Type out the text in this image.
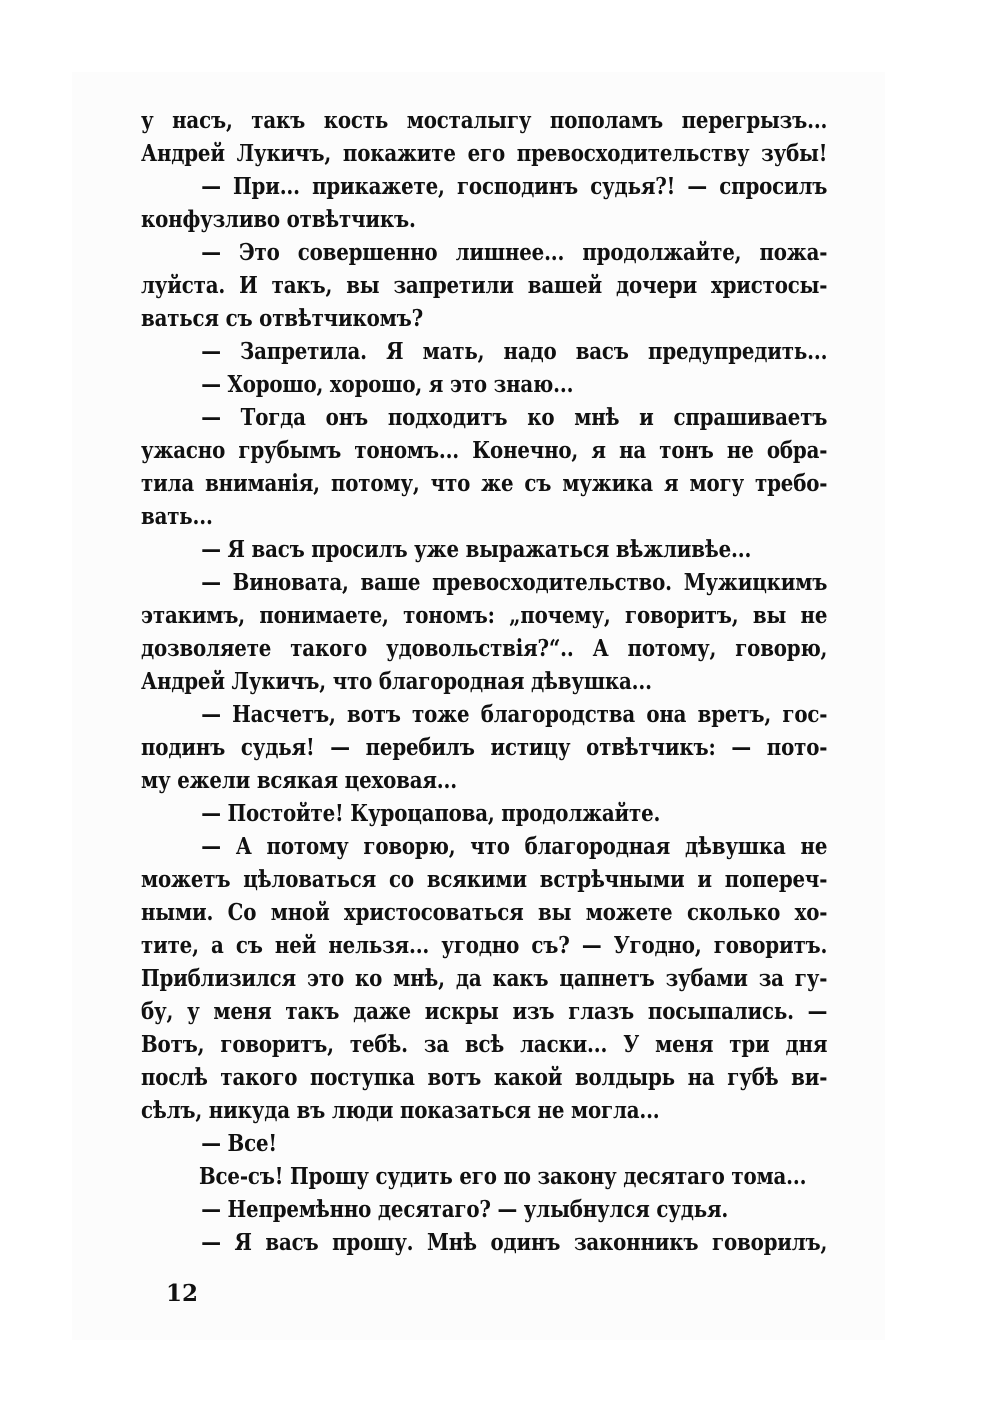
у насъ, такъ кость мосталыгу пополамъ перегрызъ...
Андрей Лукичъ, покажите его превосходительству зубы!
— При... прикажете, господинъ судья?! — спросилъ
конфузливо отвѣтчикъ.
— Это совершенно лишнее... продолжайте, пожа-
луйста. И такъ, вы запретили вашей дочери христосы-
ваться съ отвѣтчикомъ?
— Запретила. Я мать, надо васъ предупредить...
— Хорошо, хорошо, я это знаю...
— Тогда онъ подходитъ ко мнѣ и спрашиваетъ
ужасно грубымъ тономъ... Конечно, я на тонъ не обра-
тила вниманія, потому, что же съ мужика я могу требо-
вать...
— Я васъ просилъ уже выражаться вѣжливѣе...
— Виновата, ваше превосходительство. Мужицкимъ
этакимъ, понимаете, тономъ: „почему, говоритъ, вы не
дозволяете такого удовольствія?“.. А потому, говорю,
Андрей Лукичъ, что благородная дѣвушка...
— Насчетъ, вотъ тоже благородства она вретъ, гос-
подинъ судья! — перебилъ истицу отвѣтчикъ: — пото-
му ежели всякая цеховая...
— Постойте! Куроцапова, продолжайте.
— А потому говорю, что благородная дѣвушка не
можетъ цѣловаться со всякими встрѣчными и попереч-
ными. Со мной христосоваться вы можете сколько хо-
тите, а съ ней нельзя... угодно съ? — Угодно, говоритъ.
Приблизился это ко мнѣ, да какъ цапнетъ зубами за гу-
бу, у меня такъ даже искры изъ глазъ посыпались. —
Вотъ, говоритъ, тебѣ. за всѣ ласки... У меня три дня
послѣ такого поступка вотъ какой волдырь на губѣ ви-
сѣлъ, никуда въ люди показаться не могла...
— Все!
Все-съ! Прошу судить его по закону десятаго тома...
— Непремѣнно десятаго? — улыбнулся судья.
— Я васъ прошу. Мнѣ одинъ законникъ говорилъ,
12
